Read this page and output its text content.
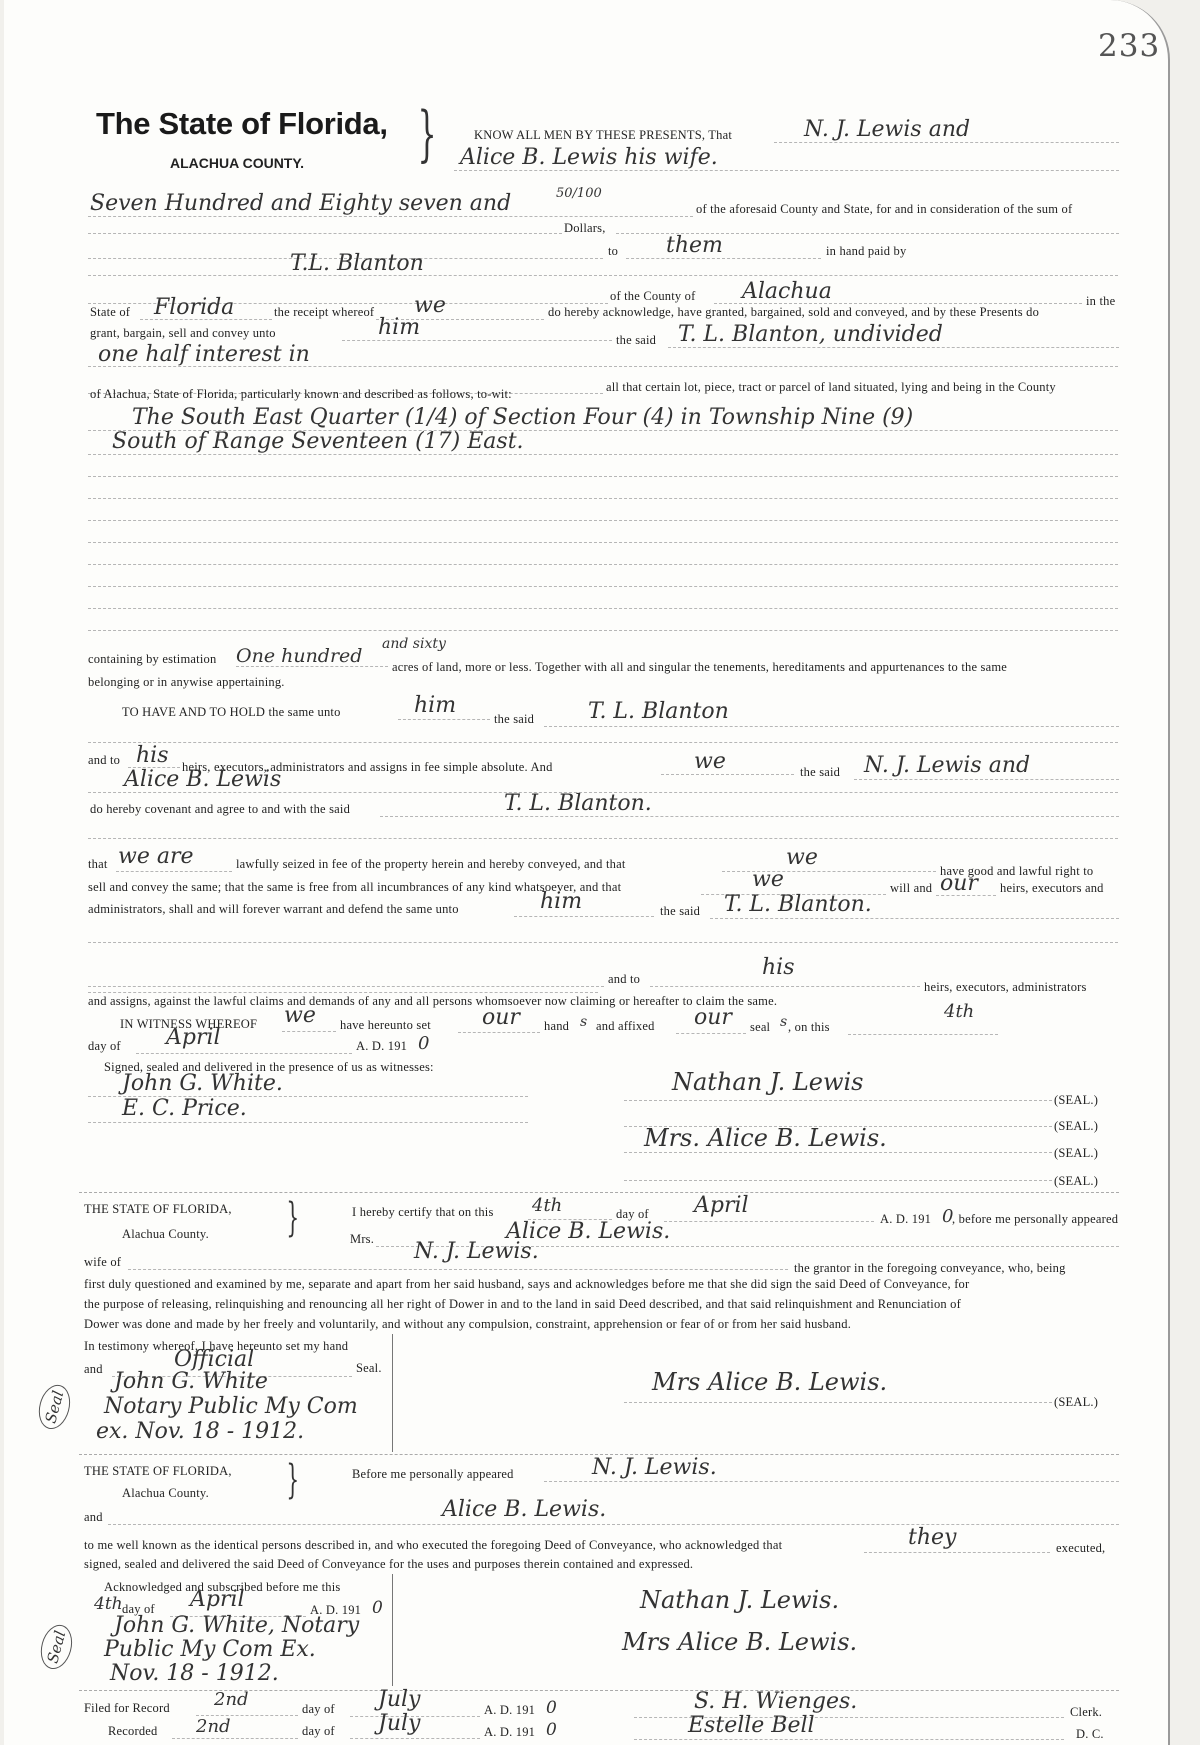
233
The State of Florida,
ALACHUA COUNTY. }	KNOW ALL MEN BY THESE PRESENTS, That	N. J. Lewis and
Alice B. Lewis his wife.
Seven Hundred and Eighty seven and	50/100
of the aforesaid County and State, for and in consideration of the sum of
Dollars,
to them	in hand paid by
T.L. Blanton
of the County of Alachua	in the
State of Florida	the receipt whereof we	do hereby acknowledge, have granted, bargained, sold and conveyed, and by these Presents do
grant, bargain, sell and convey unto	him	the said T. L. Blanton, undivided
one half interest in
all that certain lot, piece, tract or parcel of land situated, lying and being in the County
of Alachua, State of Florida, particularly known and described as follows, to-wit:
The South East Quarter (1/4) of Section Four (4) in Township Nine (9)
South of Range Seventeen (17) East.
containing by estimation One hundred
and sixty
acres of land, more or less. Together with all and singular the tenements, hereditaments and appurtenances to the same
belonging or in anywise appertaining.
TO HAVE AND TO HOLD the same unto	him
the said T. L. Blanton
and to his heirs, executors, administrators and assigns in fee simple absolute. And	we	the said N. J. Lewis and
Alice B. Lewis
do hereby covenant and agree to and with the said	T. L. Blanton.
that we are	lawfully seized in fee of the property herein and hereby conveyed, and that	we
have good and lawful right to
sell and convey the same; that the same is free from all incumbrances of any kind whatsoever, and that	we	will and our heirs, executors and
administrators, shall and will forever warrant and defend the same unto	him	the said T. L. Blanton.
and to	his
heirs, executors, administrators
and assigns, against the lawful claims and demands of any and all persons whomsoever now claiming or hereafter to claim the same.
IN WITNESS WHEREOF we have hereunto set our hand s and affixed our seal s , on this
4th
day of April	A. D. 191 0
Signed, sealed and delivered in the presence of us as witnesses:
John G. White.
E. C. Price.
Nathan J. Lewis
(SEAL.)
(SEAL.)
Mrs. Alice B. Lewis.
(SEAL.)
(SEAL.)
THE STATE OF FLORIDA,
Alachua County. }	I hereby certify that on this 4th	day of April
A. D. 191 0
, before me personally appeared
Mrs.	Alice B. Lewis.
wife of	N. J. Lewis.
the grantor in the foregoing conveyance, who, being
first duly questioned and examined by me, separate and apart from her said husband, says and acknowledges before me that she did sign the said Deed of Conveyance, for
the purpose of releasing, relinquishing and renouncing all her right of Dower in and to the land in said Deed described, and that said relinquishment and Renunciation of
Dower was done and made by her freely and voluntarily, and without any compulsion, constraint, apprehension or fear of or from her said husband.
In testimony whereof, I have hereunto set my hand
and	Official	Seal.
John G. White
Notary Public My Com
ex. Nov. 18 - 1912.
Seal
Mrs Alice B. Lewis.
(SEAL.)
THE STATE OF FLORIDA,
Alachua County. }	Before me personally appeared	N. J. Lewis.
and	Alice B. Lewis.
to me well known as the identical persons described in, and who executed the foregoing Deed of Conveyance, who acknowledged that	they	executed,
signed, sealed and delivered the said Deed of Conveyance for the uses and purposes therein contained and expressed.
Acknowledged and subscribed before me this
4th day of April	A. D. 191 0
John G. White, Notary
Public My Com Ex.
Nov. 18 - 1912.
Seal
Nathan J. Lewis.
Mrs Alice B. Lewis.
Filed for Record 2nd	day of July	A. D. 191 0	S. H. Wienges.	Clerk.
Recorded 2nd	day of July	A. D. 191 0	Estelle Bell	D. C.
